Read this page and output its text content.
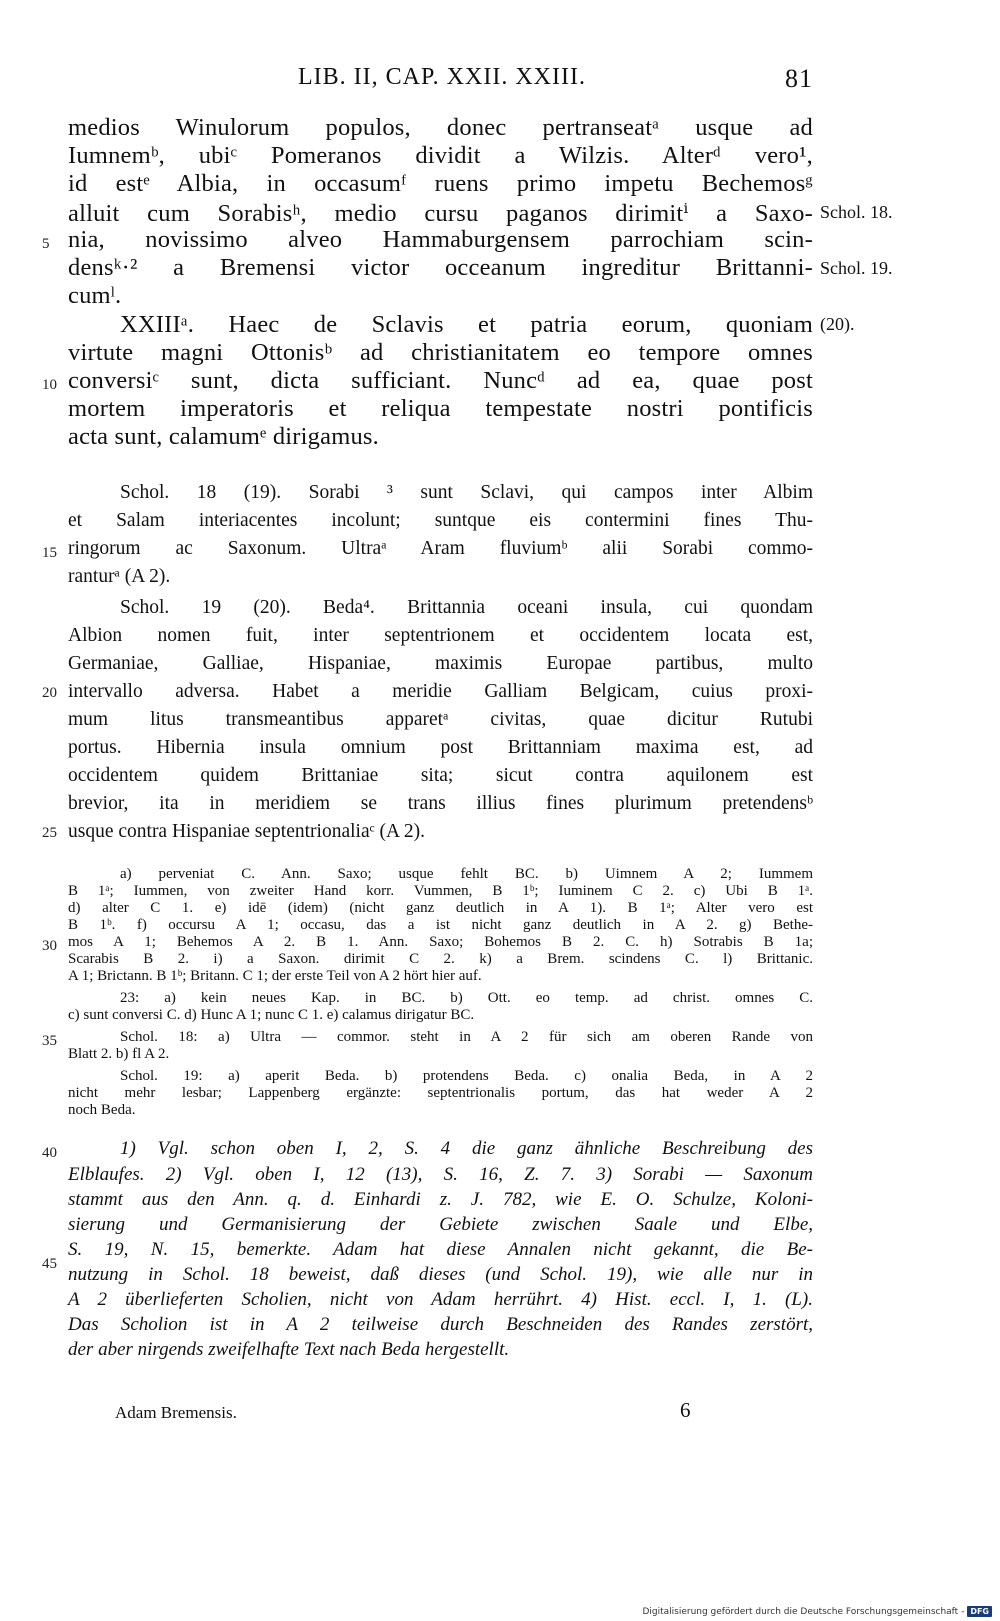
LIB. II, CAP. XXII. XXIII.	81
medios Winulorum populos, donec pertranseatᵃ usque ad
Iumnemᵇ, ubiᶜ Pomeranos dividit a Wilzis. Alterᵈ vero¹,
id estᵉ Albia, in occasumᶠ ruens primo impetu Bechemosᵍ
alluit cum Sorabisʰ, medio cursu paganos dirimitⁱ a Saxo-
nia, novissimo alveo Hammaburgensem parrochiam scin-
densᵏ·² a Bremensi victor occeanum ingreditur Brittanni-
cumˡ.
XXIIIᵃ. Haec de Sclavis et patria eorum, quoniam
virtute magni Ottonisᵇ ad christianitatem eo tempore omnes
conversiᶜ sunt, dicta sufficiant. Nuncᵈ ad ea, quae post
mortem imperatoris et reliqua tempestate nostri pontificis
acta sunt, calamumᵉ dirigamus.
Schol. 18.
Schol. 19.
(20).
5
10
15
20
25
30
35
40
45
Schol. 18 (19). Sorabi ³ sunt Sclavi, qui campos inter Albim
et Salam interiacentes incolunt; suntque eis contermini fines Thu-
ringorum ac Saxonum. Ultraᵃ Aram fluviumᵇ alii Sorabi commo-
ranturᵃ (A 2).
Schol. 19 (20). Beda⁴. Brittannia oceani insula, cui quondam
Albion nomen fuit, inter septentrionem et occidentem locata est,
Germaniae, Galliae, Hispaniae, maximis Europae partibus, multo
intervallo adversa. Habet a meridie Galliam Belgicam, cuius proxi-
mum litus transmeantibus apparetᵃ civitas, quae dicitur Rutubi
portus. Hibernia insula omnium post Brittanniam maxima est, ad
occidentem quidem Brittaniae sita; sicut contra aquilonem est
brevior, ita in meridiem se trans illius fines plurimum pretendensᵇ
usque contra Hispaniae septentrionaliaᶜ (A 2).
a) perveniat C. Ann. Saxo; usque fehlt BC. b) Uimnem A 2; Iummem
B 1ᵃ; Iummen, von zweiter Hand korr. Vummen, B 1ᵇ; Iuminem C 2. c) Ubi B 1ᵃ.
d) alter C 1. e) idē (idem) (nicht ganz deutlich in A 1). B 1ᵃ; Alter vero est
B 1ᵇ. f) occursu A 1; occasu, das a ist nicht ganz deutlich in A 2. g) Bethe-
mos A 1; Behemos A 2. B 1. Ann. Saxo; Bohemos B 2. C. h) Sotrabis B 1a;
Scarabis B 2. i) a Saxon. dirimit C 2. k) a Brem. scindens C. l) Brittanic.
A 1; Brictann. B 1ᵇ; Britann. C 1; der erste Teil von A 2 hört hier auf.
23: a) kein neues Kap. in BC. b) Ott. eo temp. ad christ. omnes C.
c) sunt conversi C. d) Hunc A 1; nunc C 1. e) calamus dirigatur BC.
Schol. 18: a) Ultra — commor. steht in A 2 für sich am oberen Rande von
Blatt 2. b) fl A 2.
Schol. 19: a) aperit Beda. b) protendens Beda. c) onalia Beda, in A 2
nicht mehr lesbar; Lappenberg ergänzte: septentrionalis portum, das hat weder A 2
noch Beda.
1) Vgl. schon oben I, 2, S. 4 die ganz ähnliche Beschreibung des
Elblaufes. 2) Vgl. oben I, 12 (13), S. 16, Z. 7. 3) Sorabi — Saxonum
stammt aus den Ann. q. d. Einhardi z. J. 782, wie E. O. Schulze, Koloni-
sierung und Germanisierung der Gebiete zwischen Saale und Elbe,
S. 19, N. 15, bemerkte. Adam hat diese Annalen nicht gekannt, die Be-
nutzung in Schol. 18 beweist, daß dieses (und Schol. 19), wie alle nur in
A 2 überlieferten Scholien, nicht von Adam herrührt. 4) Hist. eccl. I, 1. (L).
Das Scholion ist in A 2 teilweise durch Beschneiden des Randes zerstört,
der aber nirgends zweifelhafte Text nach Beda hergestellt.
Adam Bremensis.	6
Digitalisierung gefördert durch die Deutsche Forschungsgemeinschaft - DFG
